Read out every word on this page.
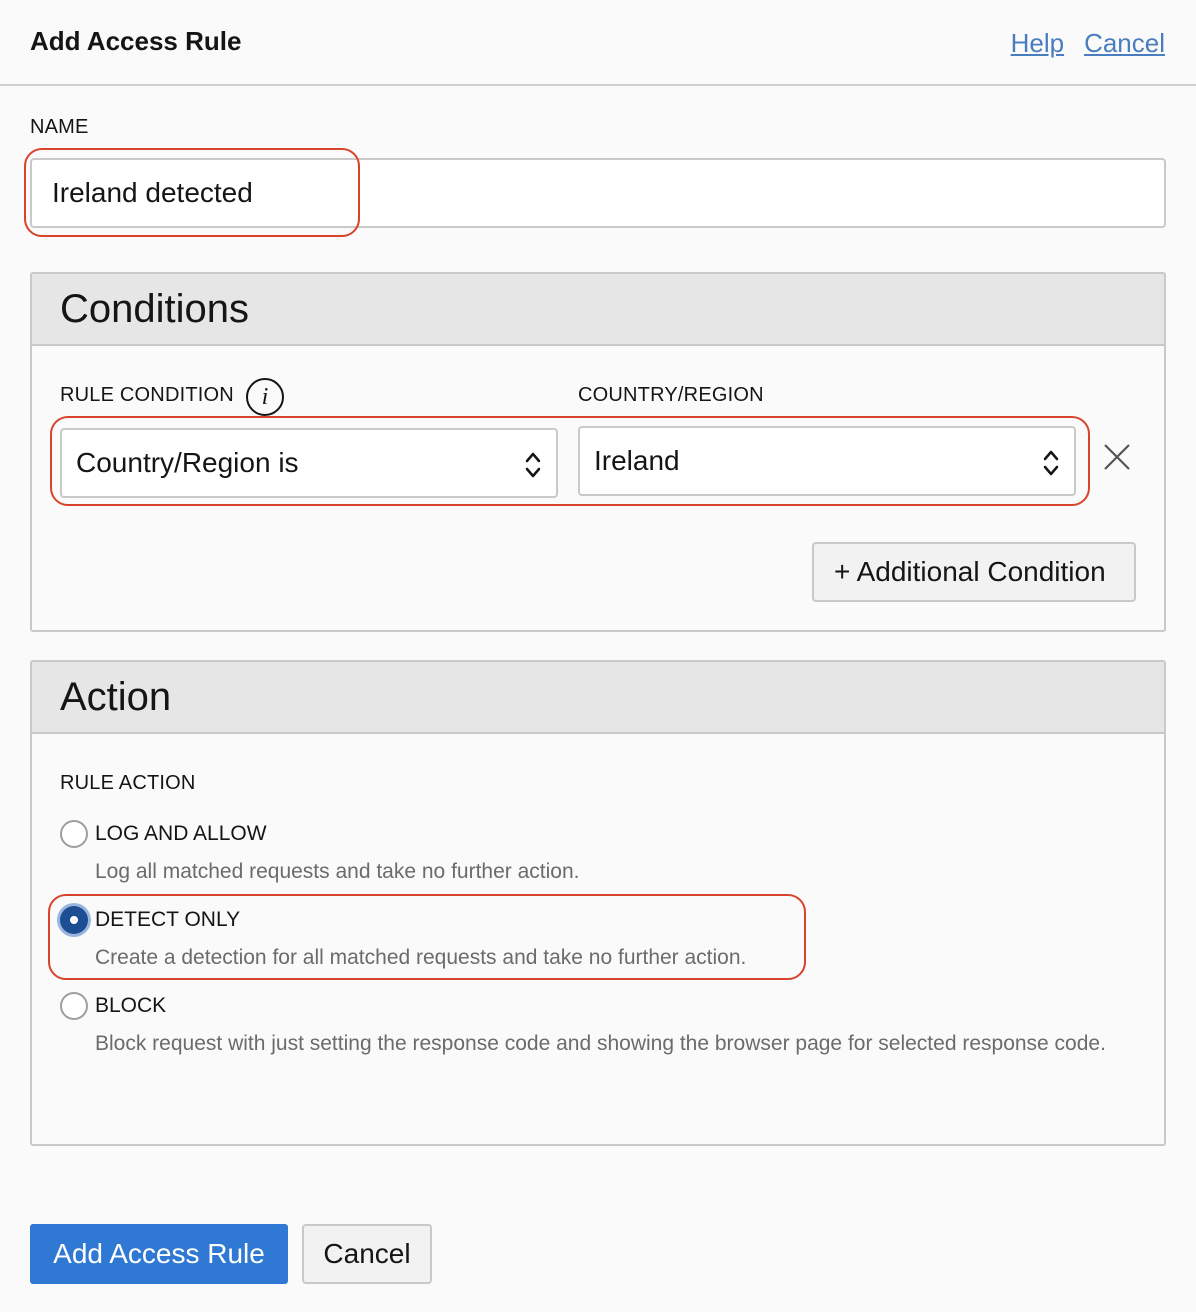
Add Access Rule	Help Cancel
NAME
Ireland detected
Conditions
RULE CONDITION	i	COUNTRY/REGION
Country/Region is	Ireland
+ Additional Condition
Action
RULE ACTION
LOG AND ALLOW
Log all matched requests and take no further action.
DETECT ONLY
Create a detection for all matched requests and take no further action.
BLOCK
Block request with just setting the response code and showing the browser page for selected response code.
Add Access Rule	Cancel
